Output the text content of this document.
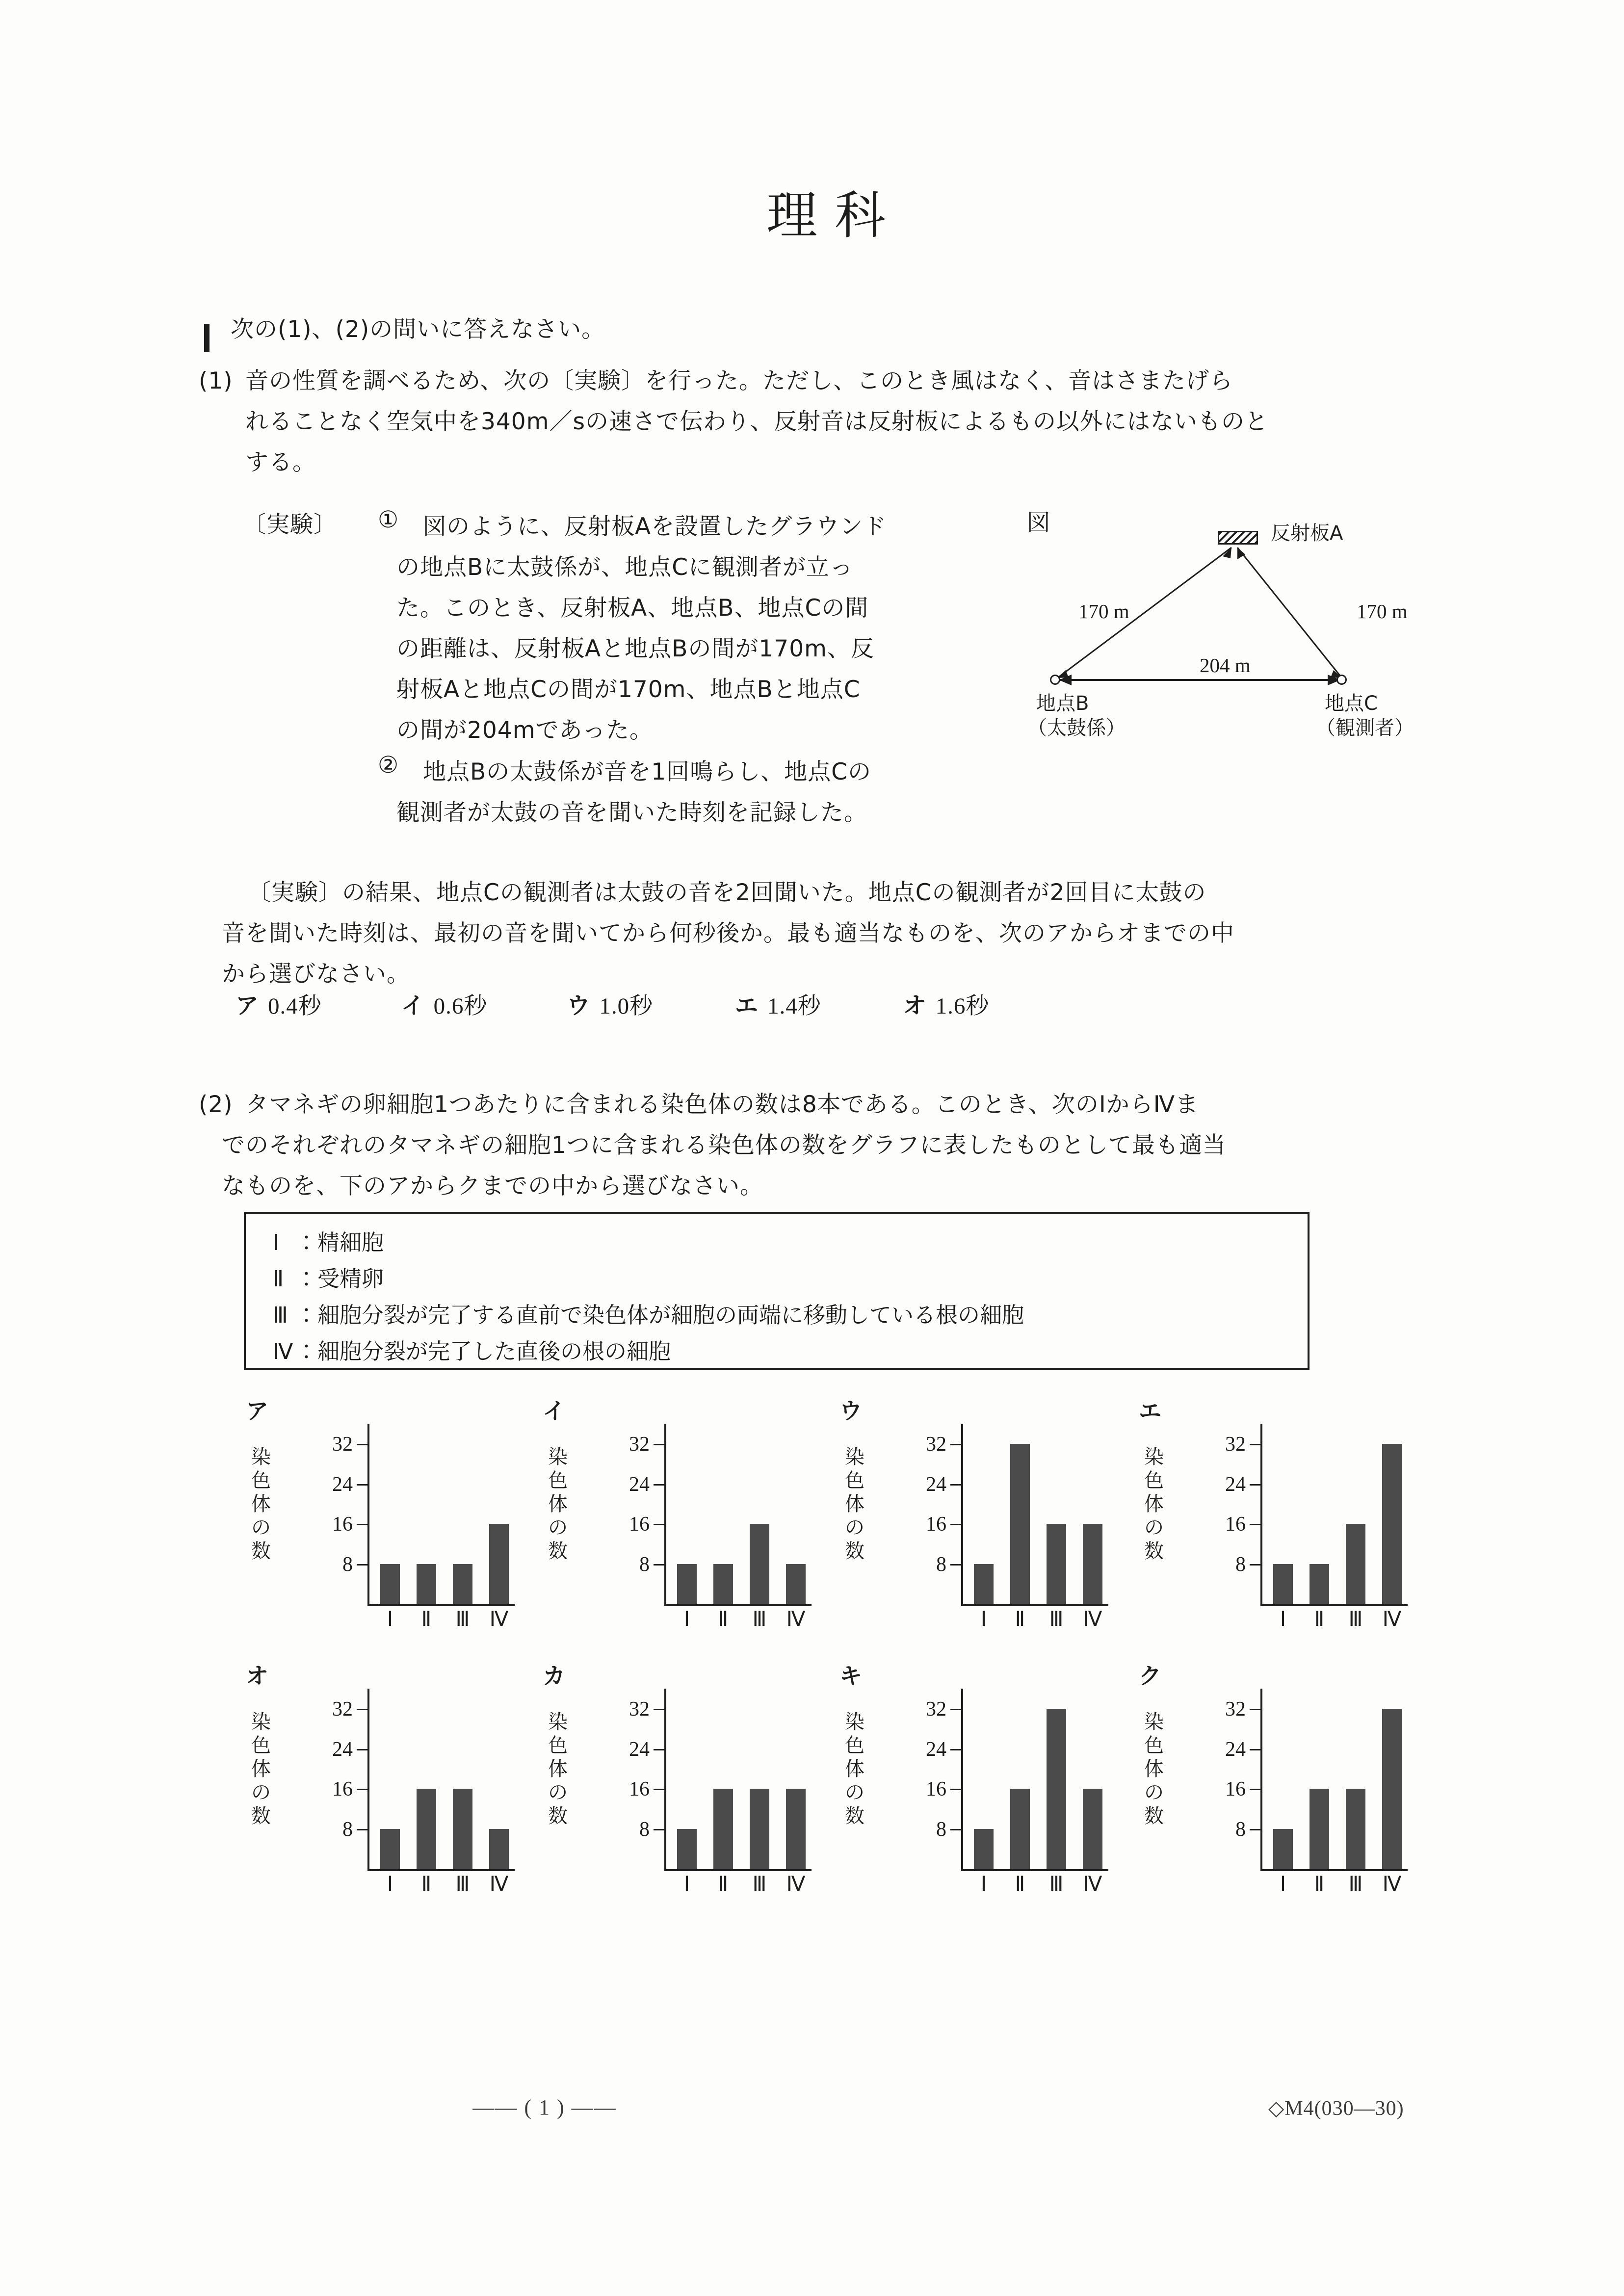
理 科
次の(1)、(2)の問いに答えなさい。
(1) 音の性質を調べるため、次の〔実験〕を行った。ただし、このとき風はなく、音はさまたげら
れることなく空気中を340m／sの速さで伝わり、反射音は反射板によるもの以外にはないものと
する。
〔実験〕 ① 図のように、反射板Aを設置したグラウンド
の地点Bに太鼓係が、地点Cに観測者が立っ
た。このとき、反射板A、地点B、地点Cの間
の距離は、反射板Aと地点Bの間が170m、反
射板Aと地点Cの間が170m、地点Bと地点C
の間が204mであった。
② 地点Bの太鼓係が音を1回鳴らし、地点Cの
観測者が太鼓の音を聞いた時刻を記録した。
図	反射板A
170 m	170 m
204 m
地点B
（太鼓係）
地点C
（観測者）
〔実験〕の結果、地点Cの観測者は太鼓の音を2回聞いた。地点Cの観測者が2回目に太鼓の
音を聞いた時刻は、最初の音を聞いてから何秒後か。最も適当なものを、次のアからオまでの中
から選びなさい。
ア 0.4秒	イ 0.6秒	ウ 1.0秒	エ 1.4秒	オ 1.6秒
(2) タマネギの卵細胞1つあたりに含まれる染色体の数は8本である。このとき、次のⅠからⅣま
でのそれぞれのタマネギの細胞1つに含まれる染色体の数をグラフに表したものとして最も適当
なものを、下のアからクまでの中から選びなさい。
Ⅰ ：精細胞
Ⅱ ：受精卵
Ⅲ ：細胞分裂が完了する直前で染色体が細胞の両端に移動している根の細胞
Ⅳ：細胞分裂が完了した直後の根の細胞
ア
染
色
体
の
数
8
16
24
32
Ⅰ	Ⅱ	Ⅲ Ⅳ
イ
染
色
体
の
数
8
16
24
32
Ⅰ	Ⅱ	Ⅲ Ⅳ
ウ
染
色
体
の
数
8
16
24
32
Ⅰ	Ⅱ	Ⅲ Ⅳ
エ
染
色
体
の
数
8
16
24
32
Ⅰ	Ⅱ	Ⅲ Ⅳ
オ
染
色
体
の
数
8
16
24
32
Ⅰ	Ⅱ	Ⅲ Ⅳ
カ
染
色
体
の
数
8
16
24
32
Ⅰ	Ⅱ	Ⅲ Ⅳ
キ
染
色
体
の
数
8
16
24
32
Ⅰ	Ⅱ	Ⅲ Ⅳ
ク
染
色
体
の
数
8
16
24
32
Ⅰ	Ⅱ	Ⅲ Ⅳ
—— ( 1 ) ——	◇M4(030—30)
